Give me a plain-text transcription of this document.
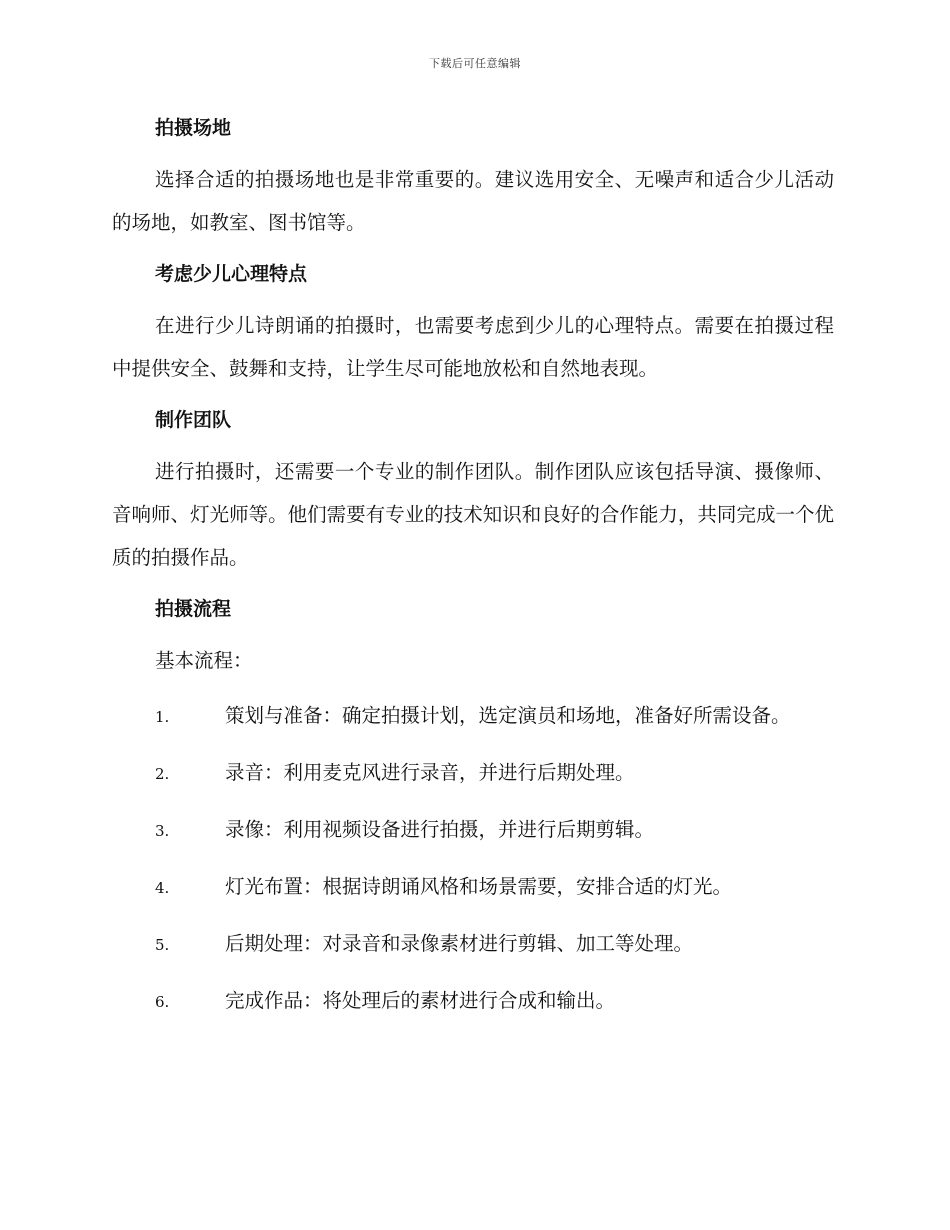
下载后可任意编辑
拍摄场地
选择合适的拍摄场地也是非常重要的。建议选用安全、无噪声和适合少儿活动的场地，如教室、图书馆等。
考虑少儿心理特点
在进行少儿诗朗诵的拍摄时，也需要考虑到少儿的心理特点。需要在拍摄过程中提供安全、鼓舞和支持，让学生尽可能地放松和自然地表现。
制作团队
进行拍摄时，还需要一个专业的制作团队。制作团队应该包括导演、摄像师、音响师、灯光师等。他们需要有专业的技术知识和良好的合作能力，共同完成一个优质的拍摄作品。
拍摄流程
基本流程：
1.	策划与准备：确定拍摄计划，选定演员和场地，准备好所需设备。
2.	录音：利用麦克风进行录音，并进行后期处理。
3.	录像：利用视频设备进行拍摄，并进行后期剪辑。
4.	灯光布置：根据诗朗诵风格和场景需要，安排合适的灯光。
5.	后期处理：对录音和录像素材进行剪辑、加工等处理。
6.	完成作品：将处理后的素材进行合成和输出。
